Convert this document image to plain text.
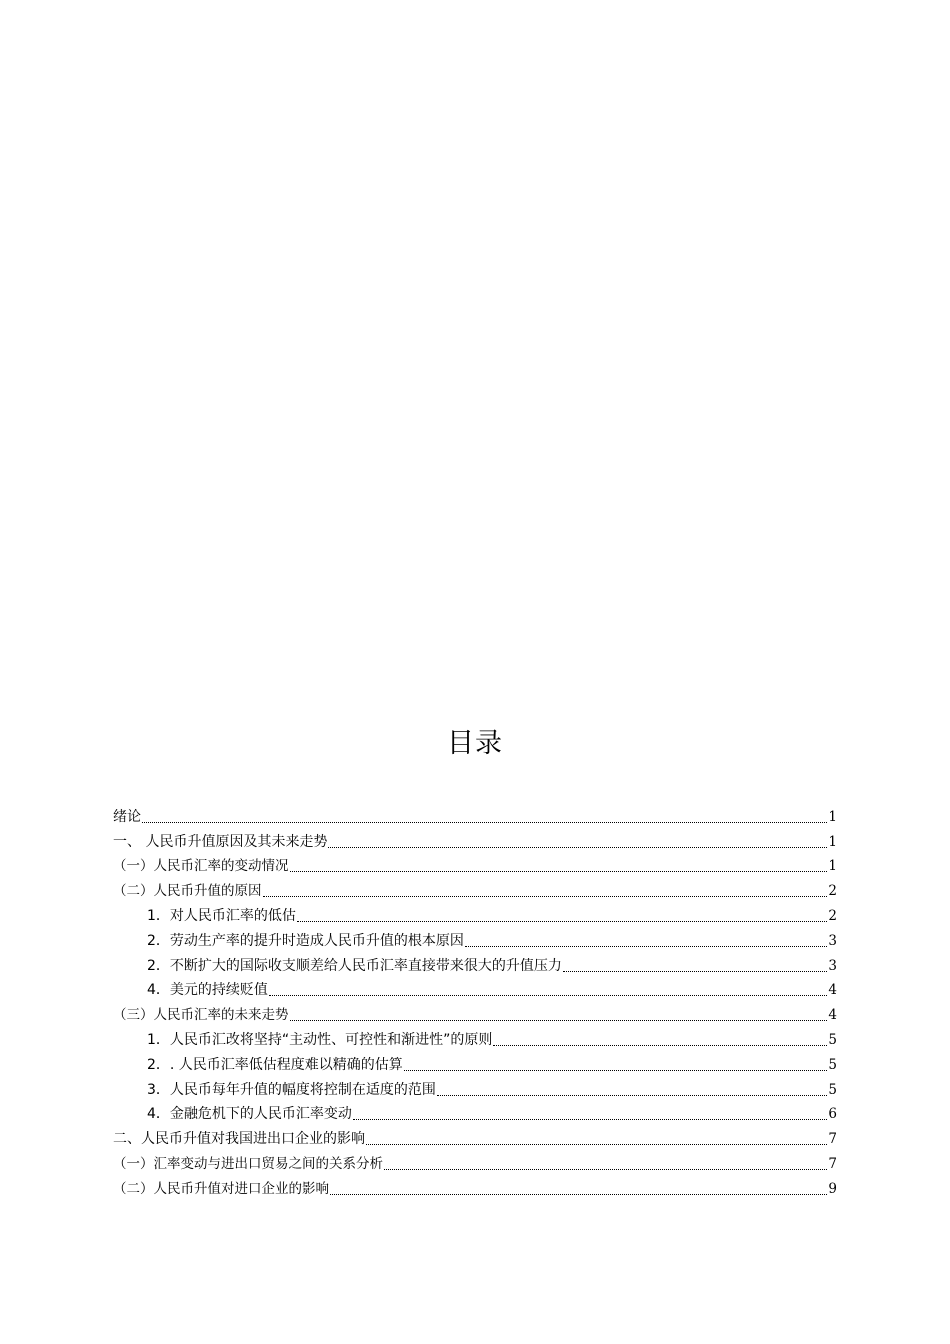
目录
绪论	1
一、 人民币升值原因及其未来走势	1
（一）人民币汇率的变动情况	1
（二）人民币升值的原因	2
1．对人民币汇率的低估	2
2．劳动生产率的提升时造成人民币升值的根本原因	3
2．不断扩大的国际收支顺差给人民币汇率直接带来很大的升值压力	3
4．美元的持续贬值	4
（三）人民币汇率的未来走势	4
1．人民币汇改将坚持“主动性、可控性和渐进性”的原则	5
2．. 人民币汇率低估程度难以精确的估算	5
3．人民币每年升值的幅度将控制在适度的范围	5
4．金融危机下的人民币汇率变动	6
二、人民币升值对我国进出口企业的影响	7
（一）汇率变动与进出口贸易之间的关系分析	7
（二）人民币升值对进口企业的影响	9
